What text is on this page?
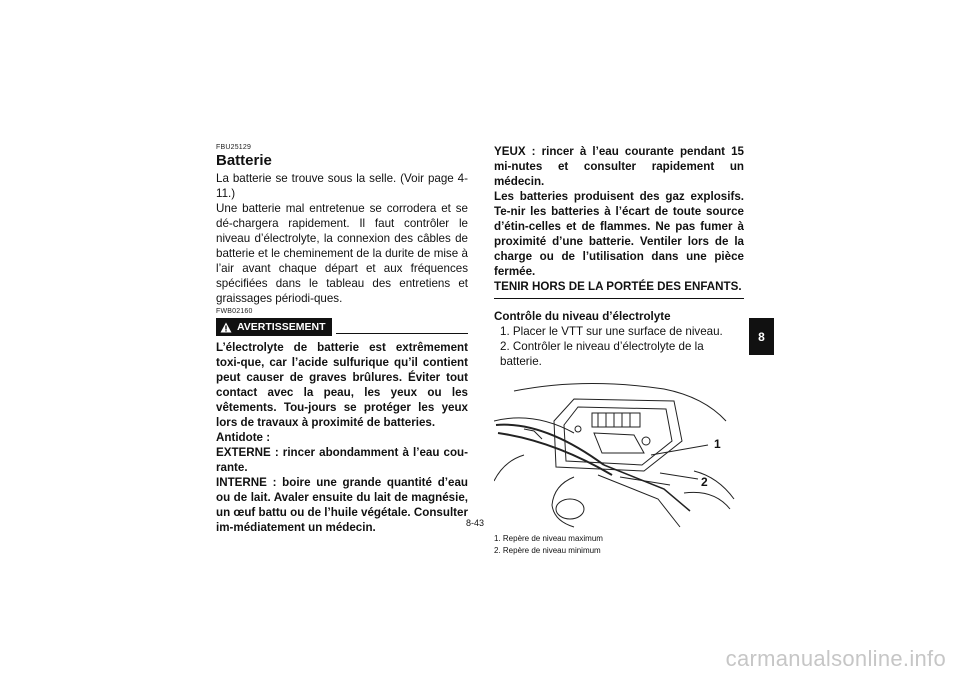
FBU25129
Batterie
La batterie se trouve sous la selle. (Voir page 4-11.)
Une batterie mal entretenue se corrodera et se dé-chargera rapidement. Il faut contrôler le niveau d’électrolyte, la connexion des câbles de batterie et le cheminement de la durite de mise à l’air avant chaque départ et aux fréquences spécifiées dans le tableau des entretiens et graissages périodi-ques.
FWB02160
AVERTISSEMENT
L’électrolyte de batterie est extrêmement toxi-que, car l’acide sulfurique qu’il contient peut causer de graves brûlures. Éviter tout contact avec la peau, les yeux ou les vêtements. Tou-jours se protéger les yeux lors de travaux à proximité de batteries.
Antidote :
EXTERNE : rincer abondamment à l’eau cou-rante.
INTERNE : boire une grande quantité d’eau ou de lait. Avaler ensuite du lait de magnésie, un œuf battu ou de l’huile végétale. Consulter im-médiatement un médecin.
YEUX : rincer à l’eau courante pendant 15 mi-nutes et consulter rapidement un médecin.
Les batteries produisent des gaz explosifs. Te-nir les batteries à l’écart de toute source d’étin-celles et de flammes. Ne pas fumer à proximité d’une batterie. Ventiler lors de la charge ou de l’utilisation dans une pièce fermée.
TENIR HORS DE LA PORTÉE DES ENFANTS.
Contrôle du niveau d’électrolyte
1. Placer le VTT sur une surface de niveau.
2. Contrôler le niveau d’électrolyte de la batterie.
1
2
1. Repère de niveau maximum
2. Repère de niveau minimum
8
8-43
carmanualsonline.info
